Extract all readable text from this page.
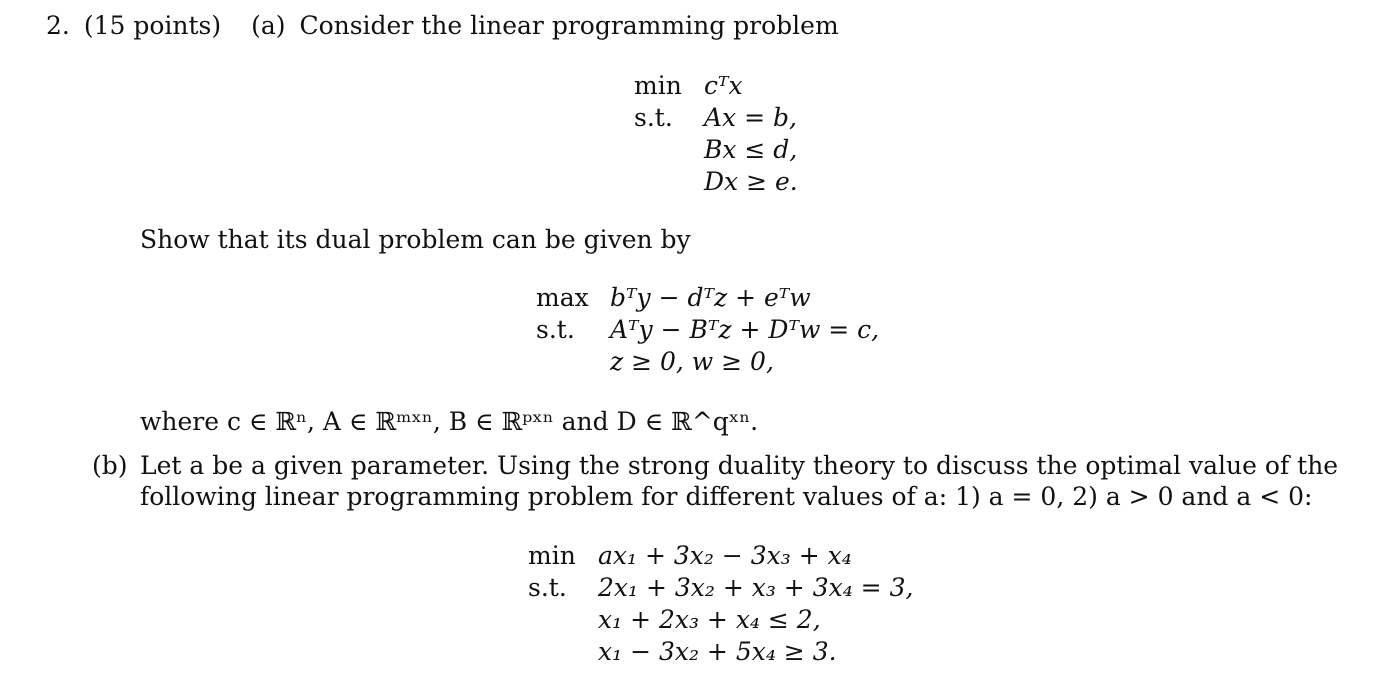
2. (15 points) (a) Consider the linear programming problem
min cᵀx
s.t.	Ax = b,
Bx ≤ d,
Dx ≥ e.
Show that its dual problem can be given by
max bᵀy − dᵀz + eᵀw
s.t.	Aᵀy − Bᵀz + Dᵀw = c,
z ≥ 0, w ≥ 0,
where c ∈ ℝⁿ, A ∈ ℝᵐˣⁿ, B ∈ ℝᵖˣⁿ and D ∈ ℝ^qˣⁿ.
(b) Let a be a given parameter. Using the strong duality theory to discuss the optimal value of the
following linear programming problem for different values of a: 1) a = 0, 2) a > 0 and a < 0:
min ax₁ + 3x₂ − 3x₃ + x₄
s.t.	2x₁ + 3x₂ + x₃ + 3x₄ = 3,
x₁ + 2x₃ + x₄ ≤ 2,
x₁ − 3x₂ + 5x₄ ≥ 3.
